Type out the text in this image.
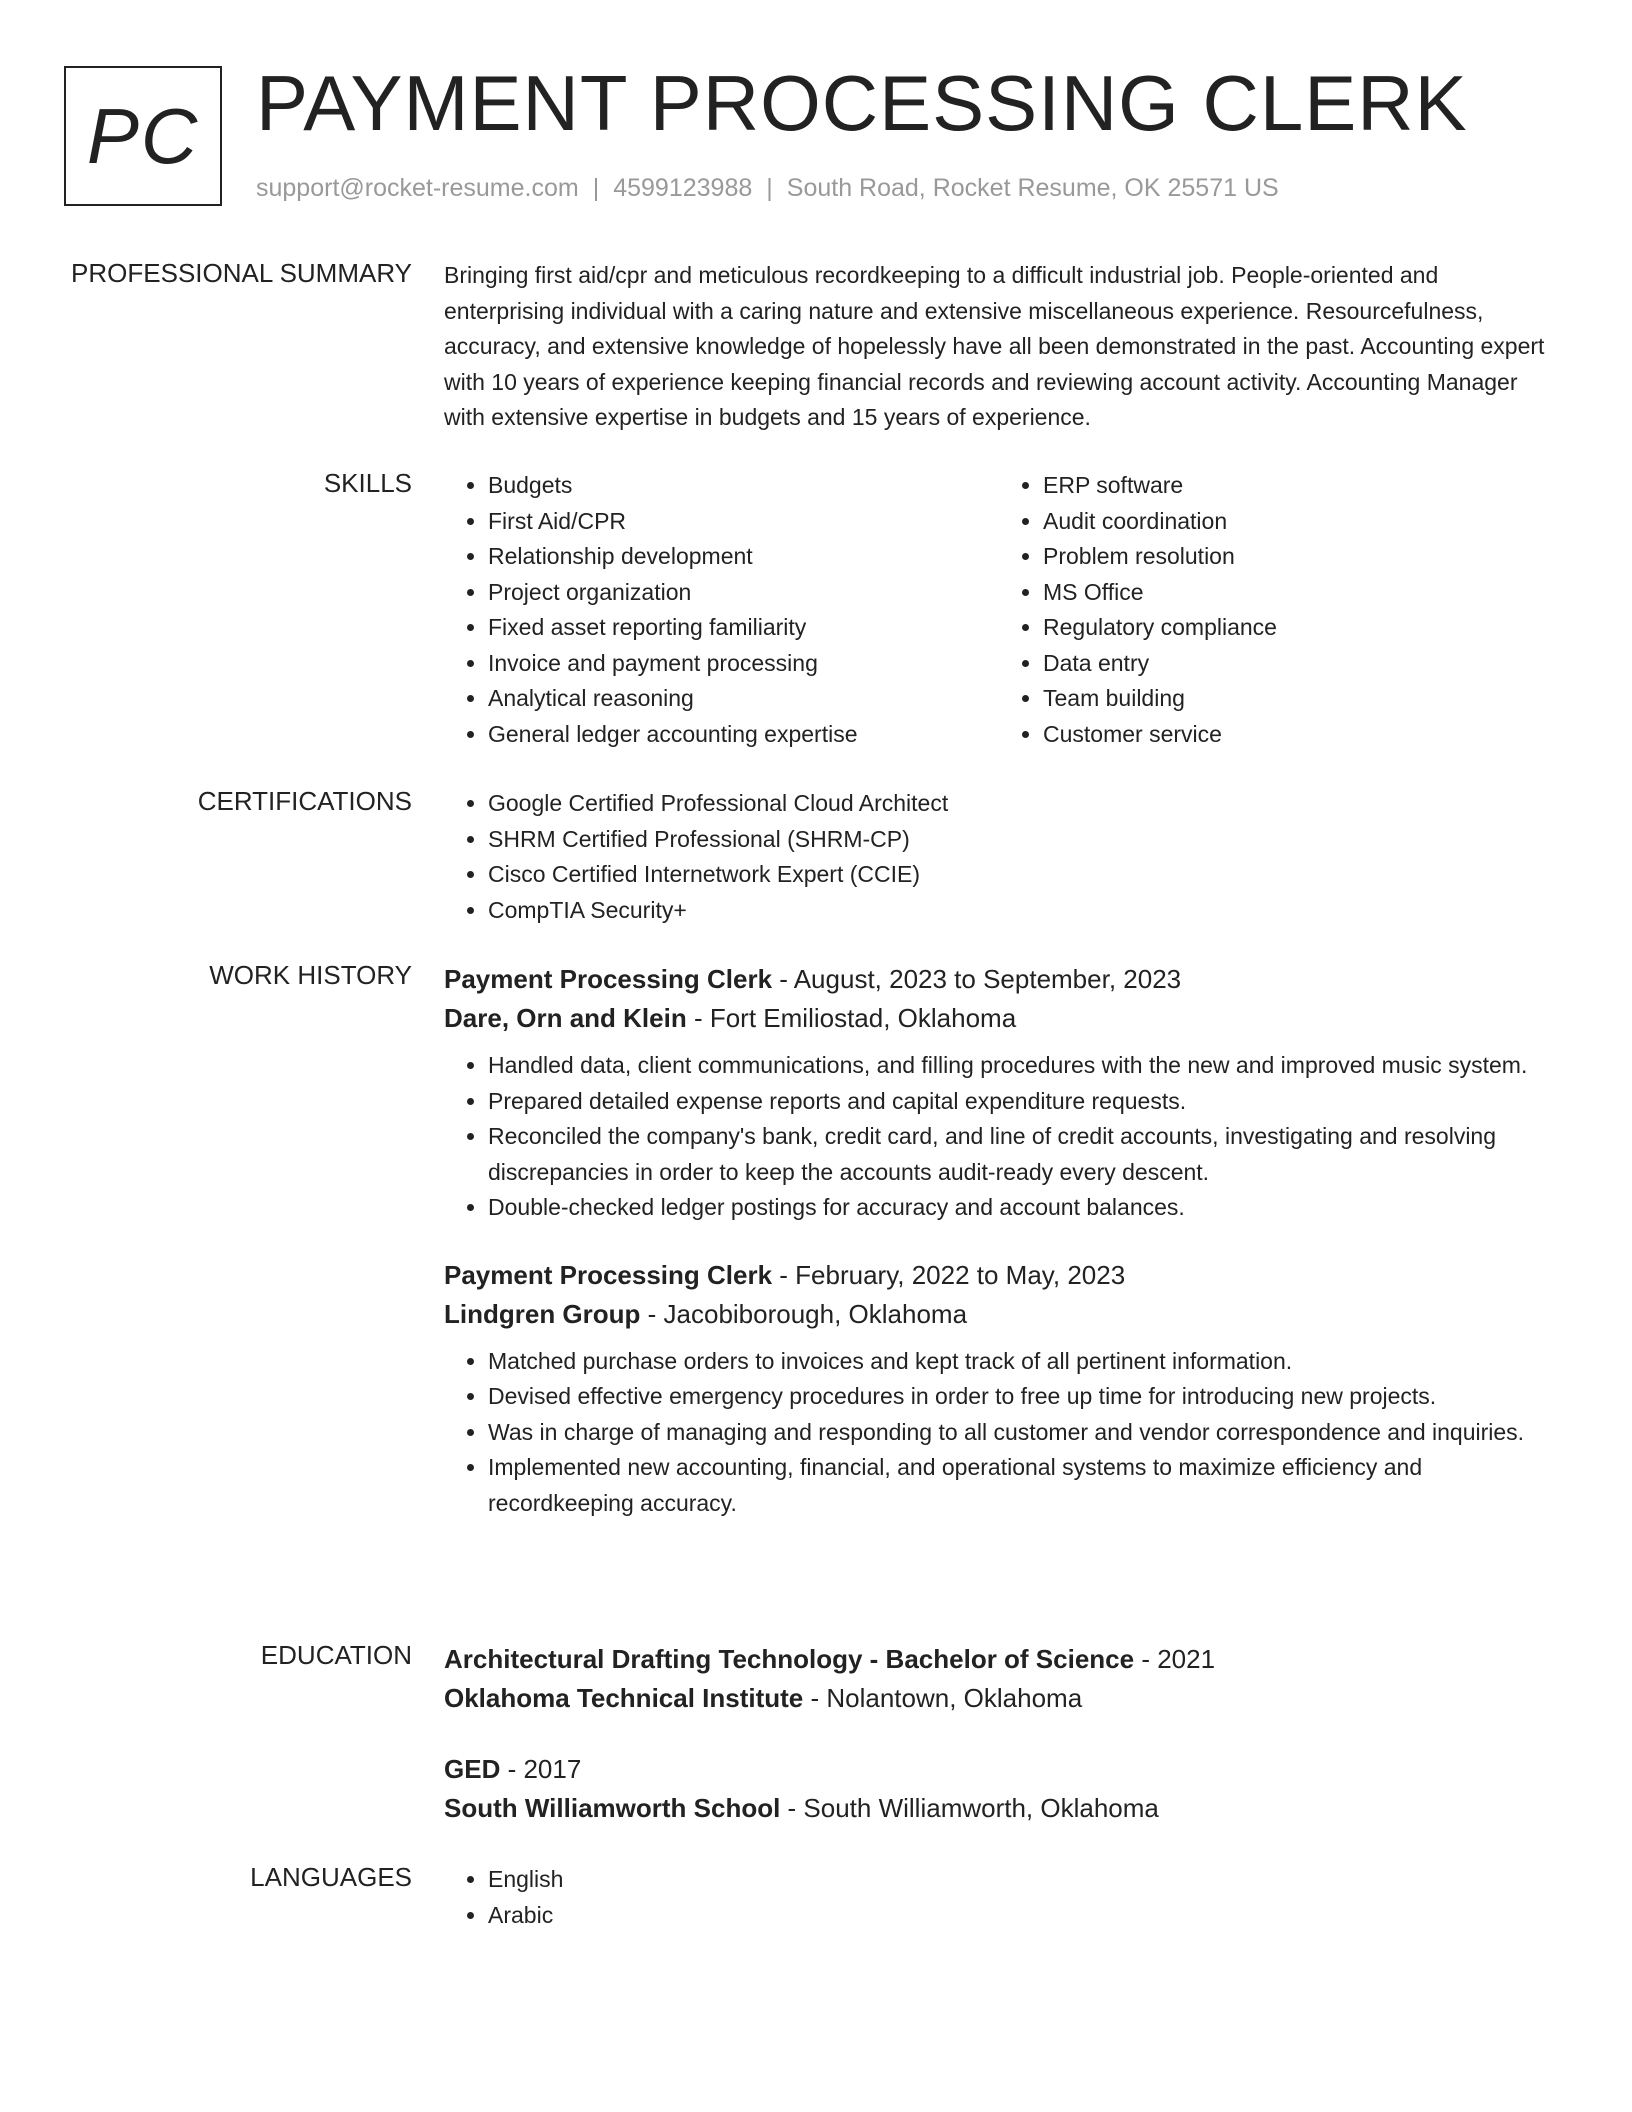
PC PAYMENT PROCESSING CLERK
support@rocket-resume.com | 4599123988 | South Road, Rocket Resume, OK 25571 US
PROFESSIONAL SUMMARY Bringing first aid/cpr and meticulous recordkeeping to a difficult industrial job. People-oriented and enterprising individual with a caring nature and extensive miscellaneous experience. Resourcefulness, accuracy, and extensive knowledge of hopelessly have all been demonstrated in the past. Accounting expert with 10 years of experience keeping financial records and reviewing account activity. Accounting Manager with extensive expertise in budgets and 15 years of experience.

SKILLS	• Budgets
• First Aid/CPR
• Relationship development
• Project organization
• Fixed asset reporting familiarity
• Invoice and payment processing
• Analytical reasoning
• General ledger accounting expertise
• ERP software
• Audit coordination
• Problem resolution
• MS Office
• Regulatory compliance
• Data entry
• Team building
• Customer service
CERTIFICATIONS	• Google Certified Professional Cloud Architect
• SHRM Certified Professional (SHRM-CP)
• Cisco Certified Internetwork Expert (CCIE)
• CompTIA Security+
WORK HISTORY Payment Processing Clerk - August, 2023 to September, 2023
Dare, Orn and Klein - Fort Emiliostad, Oklahoma
• Handled data, client communications, and filling procedures with the new and improved music system.
• Prepared detailed expense reports and capital expenditure requests.
• Reconciled the company's bank, credit card, and line of credit accounts, investigating and resolving discrepancies in order to keep the accounts audit-ready every descent.
• Double-checked ledger postings for accuracy and account balances.
Payment Processing Clerk - February, 2022 to May, 2023
Lindgren Group - Jacobiborough, Oklahoma
• Matched purchase orders to invoices and kept track of all pertinent information.
• Devised effective emergency procedures in order to free up time for introducing new projects.
• Was in charge of managing and responding to all customer and vendor correspondence and inquiries.
• Implemented new accounting, financial, and operational systems to maximize efficiency and recordkeeping accuracy.
EDUCATION Architectural Drafting Technology - Bachelor of Science - 2021
Oklahoma Technical Institute - Nolantown, Oklahoma
GED - 2017
South Williamworth School - South Williamworth, Oklahoma
LANGUAGES	• English
• Arabic
